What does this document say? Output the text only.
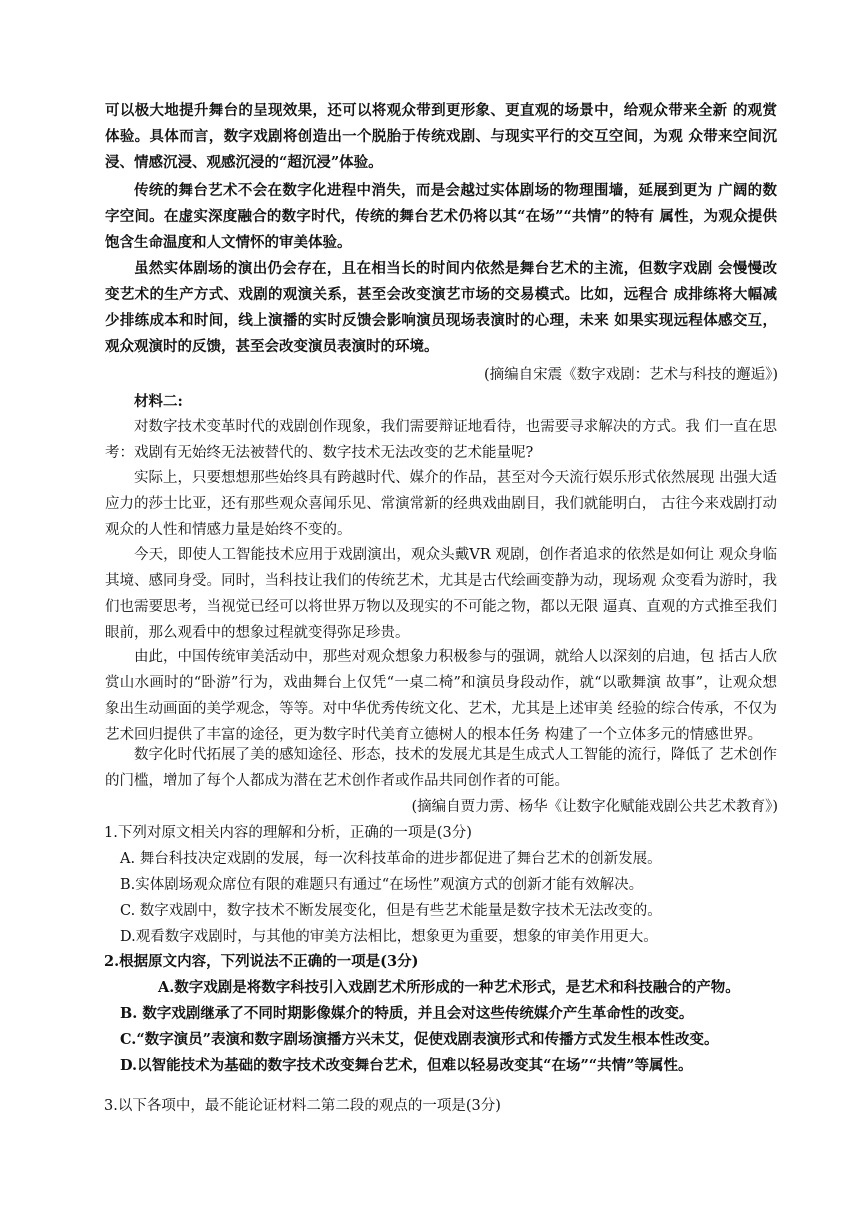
可以极大地提升舞台的呈现效果，还可以将观众带到更形象、更直观的场景中，给观众带来全新 的观赏体验。具体而言，数字戏剧将创造出一个脱胎于传统戏剧、与现实平行的交互空间，为观 众带来空间沉浸、情感沉浸、观感沉浸的“超沉浸”体验。

传统的舞台艺术不会在数字化进程中消失，而是会越过实体剧场的物理围墙，延展到更为 广阔的数字空间。在虚实深度融合的数字时代，传统的舞台艺术仍将以其“在场”“共情”的特有 属性，为观众提供饱含生命温度和人文情怀的审美体验。

虽然实体剧场的演出仍会存在，且在相当长的时间内依然是舞台艺术的主流，但数字戏剧 会慢慢改变艺术的生产方式、戏剧的观演关系，甚至会改变演艺市场的交易模式。比如，远程合 成排练将大幅减少排练成本和时间，线上演播的实时反馈会影响演员现场表演时的心理，未来 如果实现远程体感交互，观众观演时的反馈，甚至会改变演员表演时的环境。

(摘编自宋震《数字戏剧：艺术与科技的邂逅》)
材料二:

对数字技术变革时代的戏剧创作现象，我们需要辩证地看待，也需要寻求解决的方式。我 们一直在思考：戏剧有无始终无法被替代的、数字技术无法改变的艺术能量呢?

实际上，只要想想那些始终具有跨越时代、媒介的作品，甚至对今天流行娱乐形式依然展现 出强大适应力的莎士比亚，还有那些观众喜闻乐见、常演常新的经典戏曲剧目，我们就能明白， 古往今来戏剧打动观众的人性和情感力量是始终不变的。

今天，即使人工智能技术应用于戏剧演出，观众头戴VR 观剧，创作者追求的依然是如何让 观众身临其境、感同身受。同时，当科技让我们的传统艺术，尤其是古代绘画变静为动，现场观 众变看为游时，我们也需要思考，当视觉已经可以将世界万物以及现实的不可能之物，都以无限 逼真、直观的方式推至我们眼前，那么观看中的想象过程就变得弥足珍贵。

由此，中国传统审美活动中，那些对观众想象力积极参与的强调，就给人以深刻的启迪，包 括古人欣赏山水画时的“卧游”行为，戏曲舞台上仅凭“一桌二椅”和演员身段动作，就“以歌舞演 故事”，让观众想象出生动画面的美学观念，等等。对中华优秀传统文化、艺术，尤其是上述审美 经验的综合传承，不仅为艺术回归提供了丰富的途径，更为数字时代美育立德树人的根本任务 构建了一个立体多元的情感世界。

数字化时代拓展了美的感知途径、形态，技术的发展尤其是生成式人工智能的流行，降低了 艺术创作的门槛，增加了每个人都成为潜在艺术创作者或作品共同创作者的可能。

(摘编自贾力雳、杨华《让数字化赋能戏剧公共艺术教育》)

1.下列对原文相关内容的理解和分析，正确的一项是(3分)

A. 舞台科技决定戏剧的发展，每一次科技革命的进步都促进了舞台艺术的创新发展。

B.实体剧场观众席位有限的难题只有通过“在场性”观演方式的创新才能有效解决。

C. 数字戏剧中，数字技术不断发展变化，但是有些艺术能量是数字技术无法改变的。

D.观看数字戏剧时，与其他的审美方法相比，想象更为重要，想象的审美作用更大。

2.根据原文内容，下列说法不正确的一项是(3分)

A.数字戏剧是将数字科技引入戏剧艺术所形成的一种艺术形式，是艺术和科技融合的产物。

B. 数字戏剧继承了不同时期影像媒介的特质，并且会对这些传统媒介产生革命性的改变。

C.“数字演员”表演和数字剧场演播方兴未艾，促使戏剧表演形式和传播方式发生根本性改变。

D.以智能技术为基础的数字技术改变舞台艺术，但难以轻易改变其“在场”“共情”等属性。

3.以下各项中，最不能论证材料二第二段的观点的一项是(3分)
